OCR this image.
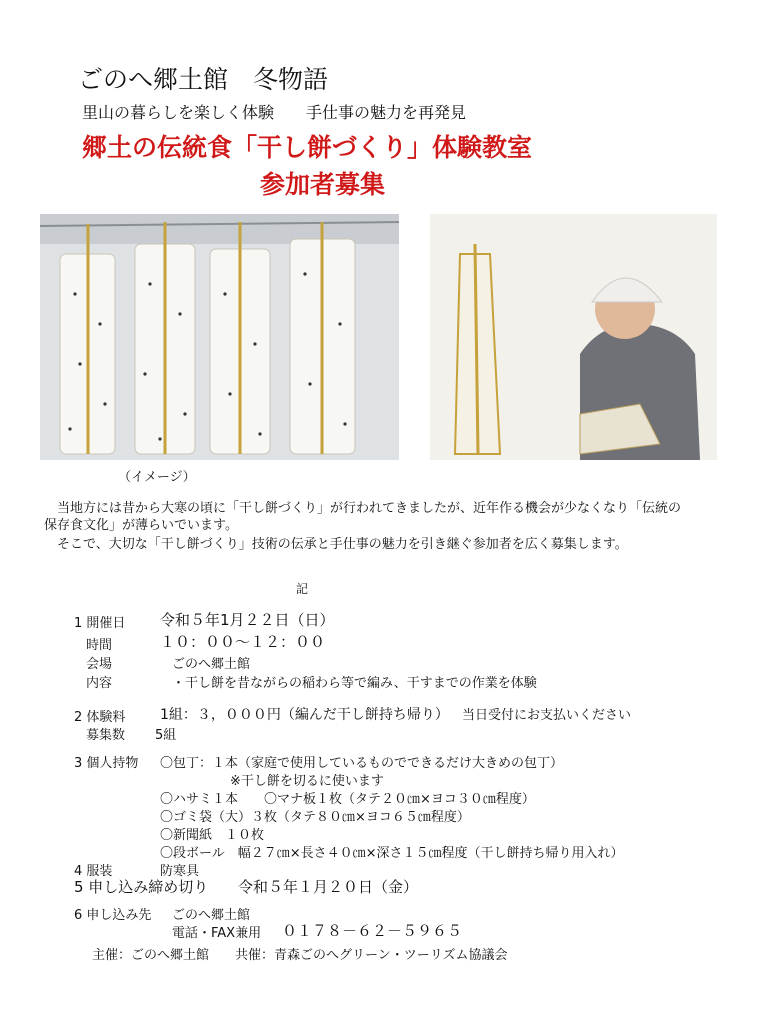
ごのへ郷土館　冬物語
里山の暮らしを楽しく体験　　手仕事の魅力を再発見
郷土の伝統食「干し餅づくり」体験教室
参加者募集
（イメージ）
当地方には昔から大寒の頃に「干し餅づくり」が行われてきましたが、近年作る機会が少なくなり「伝統の保存食文化」が薄らいでいます。
そこで、大切な「干し餅づくり」技術の伝承と手仕事の魅力を引き継ぐ参加者を広く募集します。
記
1 開催日 令和５年1月２２日（日）
時間	１０：００～１２：００
会場	ごのへ郷土館
内容	・干し餅を昔ながらの稲わら等で編み、干すまでの作業を体験
2 体験料 1組：３，０００円（編んだ干し餅持ち帰り） 当日受付にお支払いください
募集数 5組
3 個人持物 〇包丁：１本（家庭で使用しているものでできるだけ大きめの包丁）
※干し餅を切るに使います
〇ハサミ１本　　〇マナ板１枚（タテ２０㎝×ヨコ３０㎝程度）
〇ゴミ袋（大）３枚（タテ８０㎝×ヨコ６５㎝程度）
〇新聞紙　１０枚
〇段ボール　幅２７㎝×長さ４０㎝×深さ１５㎝程度（干し餅持ち帰り用入れ）
4 服装	防寒具
5 申し込み締め切り 令和５年１月２０日（金）
6 申し込み先 ごのへ郷土館
電話・FAX兼用 ０１７８－６２－５９６５
主催：ごのへ郷土館　　共催：青森ごのへグリーン・ツーリズム協議会
